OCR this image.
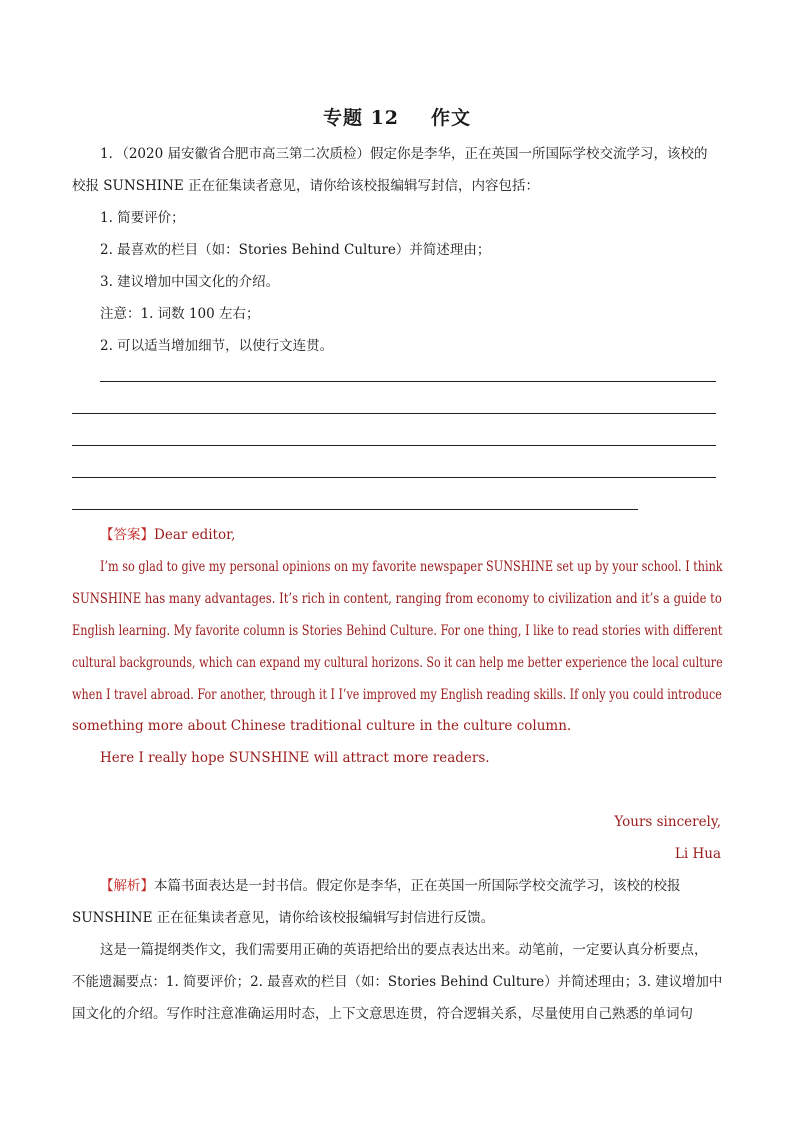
专题 12 作文
1．（2020 届安徽省合肥市高三第二次质检）假定你是李华，正在英国一所国际学校交流学习，该校的
校报 SUNSHINE 正在征集读者意见，请你给该校报编辑写封信，内容包括：
1. 简要评价；
2. 最喜欢的栏目（如：Stories Behind Culture）并简述理由；
3. 建议增加中国文化的介绍。
注意：1. 词数 100 左右；
2. 可以适当增加细节，以使行文连贯。
【答案】Dear editor,
I’m so glad to give my personal opinions on my favorite newspaper SUNSHINE set up by your school. I think
SUNSHINE has many advantages. It’s rich in content, ranging from economy to civilization and it’s a guide to
English learning. My favorite column is Stories Behind Culture. For one thing, I like to read stories with different
cultural backgrounds, which can expand my cultural horizons. So it can help me better experience the local culture
when I travel abroad. For another, through it I I’ve improved my English reading skills. If only you could introduce
something more about Chinese traditional culture in the culture column.
Here I really hope SUNSHINE will attract more readers.
Yours sincerely,
Li Hua
【解析】本篇书面表达是一封书信。假定你是李华，正在英国一所国际学校交流学习，该校的校报
SUNSHINE 正在征集读者意见，请你给该校报编辑写封信进行反馈。
这是一篇提纲类作文，我们需要用正确的英语把给出的要点表达出来。动笔前，一定要认真分析要点，
不能遗漏要点：1. 简要评价；2. 最喜欢的栏目（如：Stories Behind Culture）并简述理由；3. 建议增加中
国文化的介绍。写作时注意准确运用时态，上下文意思连贯，符合逻辑关系，尽量使用自己熟悉的单词句
